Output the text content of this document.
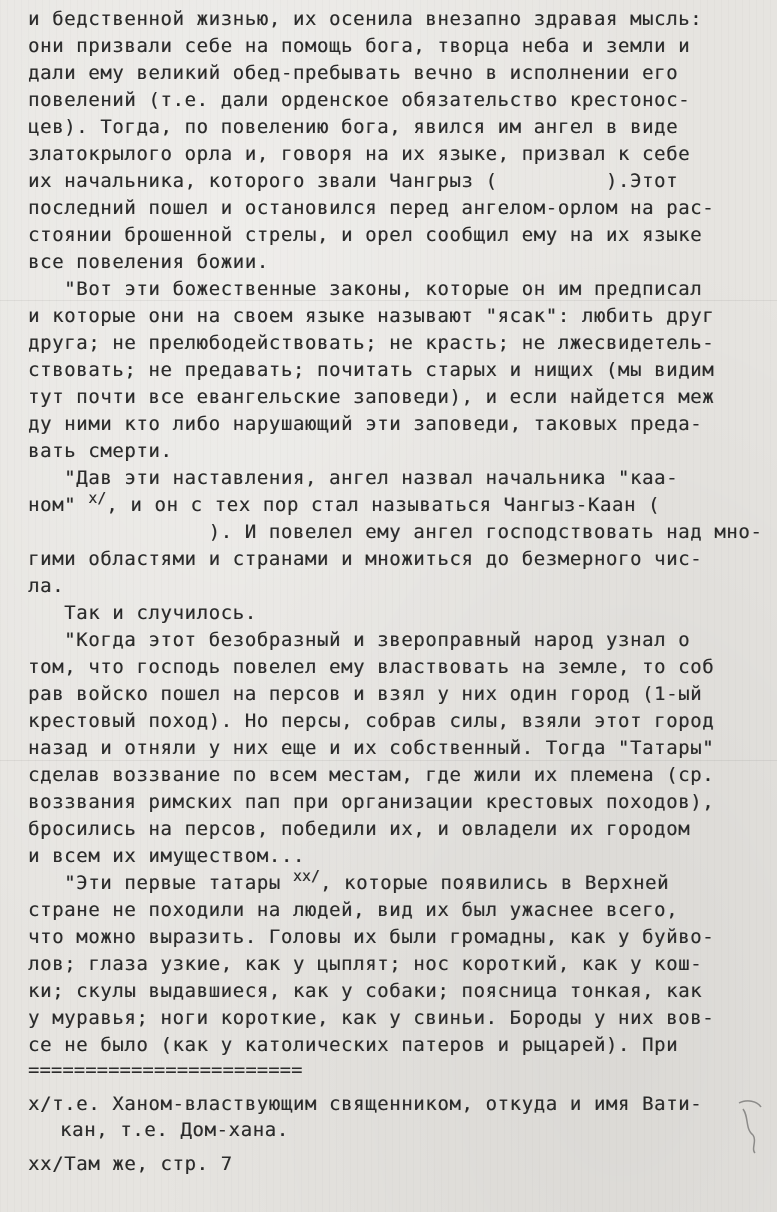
и бедственной жизнью, их осенила внезапно здравая мысль:
они призвали себе на помощь бога, творца неба и земли и
дали ему великий обед-пребывать вечно в исполнении его
повелений (т.е. дали орденское обязательство крестонос-
цев). Тогда, по повелению бога, явился им ангел в виде
златокрылого орла и, говоря на их языке, призвал к себе
их начальника, которого звали Чангрыз (         ).Этот
последний пошел и остановился перед ангелом-орлом на рас-
стоянии брошенной стрелы, и орел сообщил ему на их языке
все повеления божии.
"Вот эти божественные законы, которые он им предписал
и которые они на своем языке называют "ясак": любить друг
друга; не прелюбодействовать; не красть; не лжесвидетель-
ствовать; не предавать; почитать старых и нищих (мы видим
тут почти все евангельские заповеди), и если найдется меж
ду ними кто либо нарушающий эти заповеди, таковых преда-
вать смерти.
"Дав эти наставления, ангел назвал начальника "каа-
ном" $^{х/}$, и он с тех пор стал называться Чангыз-Каан (
). И повелел ему ангел господствовать над мно-
гими областями и странами и множиться до безмерного чис-
ла.
Так и случилось.
"Когда этот безобразный и звероправный народ узнал о
том, что господь повелел ему властвовать на земле, то соб
рав войско пошел на персов и взял у них один город (1-ый
крестовый поход). Но персы, собрав силы, взяли этот город
назад и отняли у них еще и их собственный. Тогда "Татары"
сделав воззвание по всем местам, где жили их племена (ср.
воззвания римских пап при организации крестовых походов),
бросились на персов, победили их, и овладели их городом
и всем их имуществом...
"Эти первые татары $^{хх/}$, которые появились в Верхней
стране не походили на людей, вид их был ужаснее всего,
что можно выразить. Головы их были громадны, как у буйво-
лов; глаза узкие, как у цыплят; нос короткий, как у кош-
ки; скулы выдавшиеся, как у собаки; поясница тонкая, как
у муравья; ноги короткие, как у свиньи. Бороды у них вов-
се не было (как у католических патеров и рыцарей). При
========================
х/т.е. Ханом-властвующим священником, откуда и имя Вати-
кан, т.е. Дом-хана.
хх/Там же, стр. 7
